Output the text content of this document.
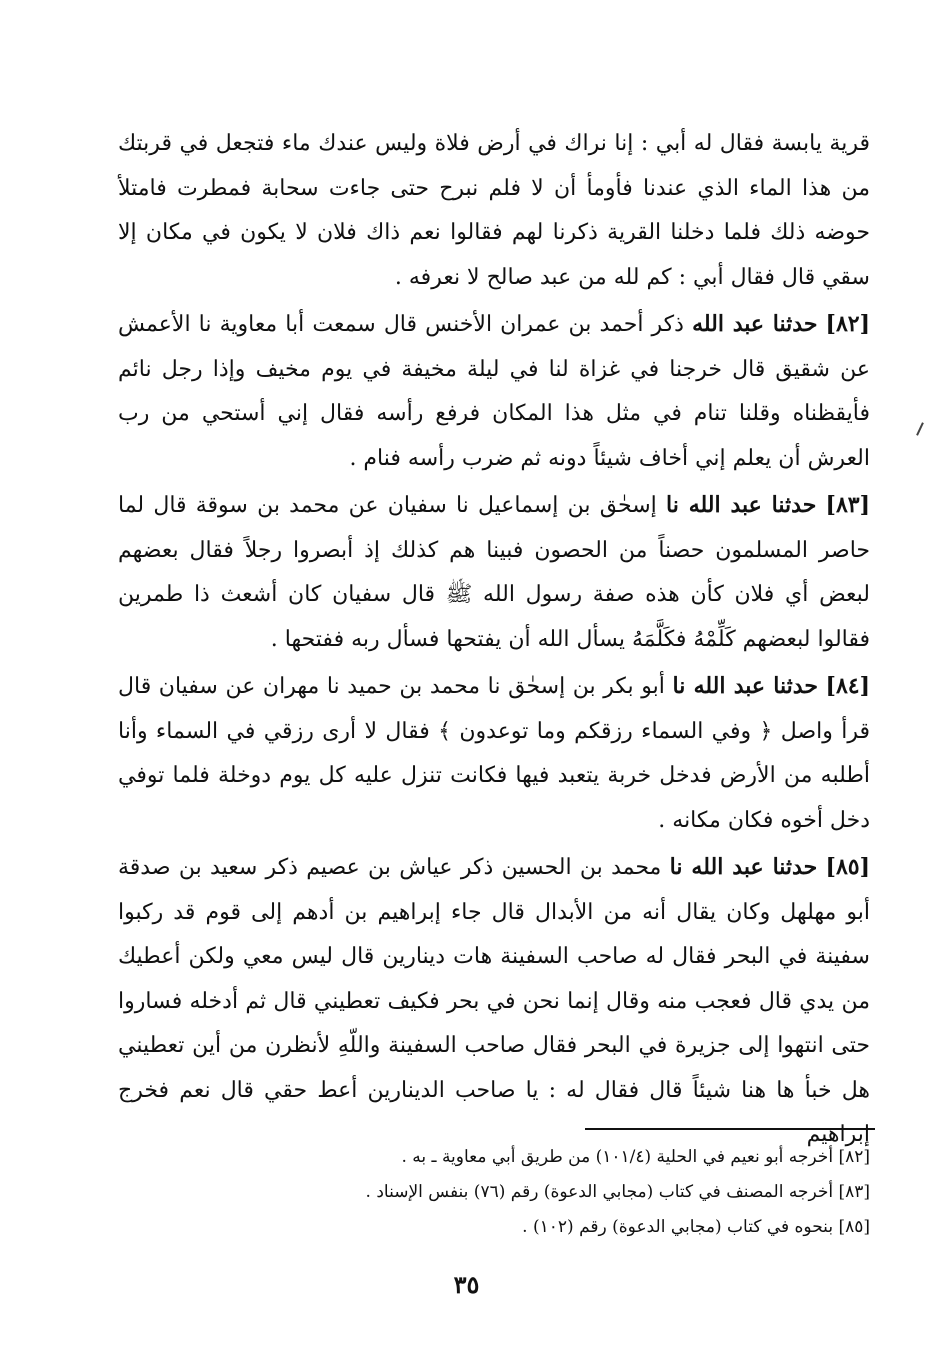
قرية يابسة فقال له أبي : إنا نراك في أرض فلاة وليس عندك ماء فتجعل في قربتك من هذا الماء الذي عندنا فأومأ أن لا فلم نبرح حتى جاءت سحابة فمطرت فامتلأ حوضه ذلك فلما دخلنا القرية ذكرنا لهم فقالوا نعم ذاك فلان لا يكون في مكان إلا سقي قال فقال أبي : كم لله من عبد صالح لا نعرفه .

[٨٢] حدثنا عبد الله ذكر أحمد بن عمران الأخنس قال سمعت أبا معاوية نا الأعمش عن شقيق قال خرجنا في غزاة لنا في ليلة مخيفة في يوم مخيف وإذا رجل نائم فأيقظناه وقلنا تنام في مثل هذا المكان فرفع رأسه فقال إني أستحي من رب العرش أن يعلم إني أخاف شيئاً دونه ثم ضرب رأسه فنام .

[٨٣] حدثنا عبد الله نا إسحٰق بن إسماعيل نا سفيان عن محمد بن سوقة قال لما حاصر المسلمون حصناً من الحصون فبينا هم كذلك إذ أبصروا رجلاً فقال بعضهم لبعض أي فلان كأن هذه صفة رسول الله ﷺ قال سفيان كان أشعث ذا طمرين فقالوا لبعضهم كَلِّمْهُ فكَلَّمَهُ يسأل الله أن يفتحها فسأل ربه ففتحها .

[٨٤] حدثنا عبد الله نا أبو بكر بن إسحٰق نا محمد بن حميد نا مهران عن سفيان قال قرأ واصل ﴿ وفي السماء رزقكم وما توعدون ﴾ فقال لا أرى رزقي في السماء وأنا أطلبه من الأرض فدخل خربة يتعبد فيها فكانت تنزل عليه كل يوم دوخلة فلما توفي دخل أخوه فكان مكانه .

[٨٥] حدثنا عبد الله نا محمد بن الحسين ذكر عياش بن عصيم ذكر سعيد بن صدقة أبو مهلهل وكان يقال أنه من الأبدال قال جاء إبراهيم بن أدهم إلى قوم قد ركبوا سفينة في البحر فقال له صاحب السفينة هات دينارين قال ليس معي ولكن أعطيك من يدي قال فعجب منه وقال إنما نحن في بحر فكيف تعطيني قال ثم أدخله فساروا حتى انتهوا إلى جزيرة في البحر فقال صاحب السفينة واللّهِ لأنظرن من أين تعطيني هل خبأ ها هنا شيئاً قال فقال له : يا صاحب الدينارين أعط حقي قال نعم فخرج إبراهيم

[٨٢] أخرجه أبو نعيم في الحلية (١٠١/٤) من طريق أبي معاوية ـ به .

[٨٣] أخرجه المصنف في كتاب (مجابي الدعوة) رقم (٧٦) بنفس الإسناد .

[٨٥] بنحوه في كتاب (مجابي الدعوة) رقم (١٠٢) .

٣٥
